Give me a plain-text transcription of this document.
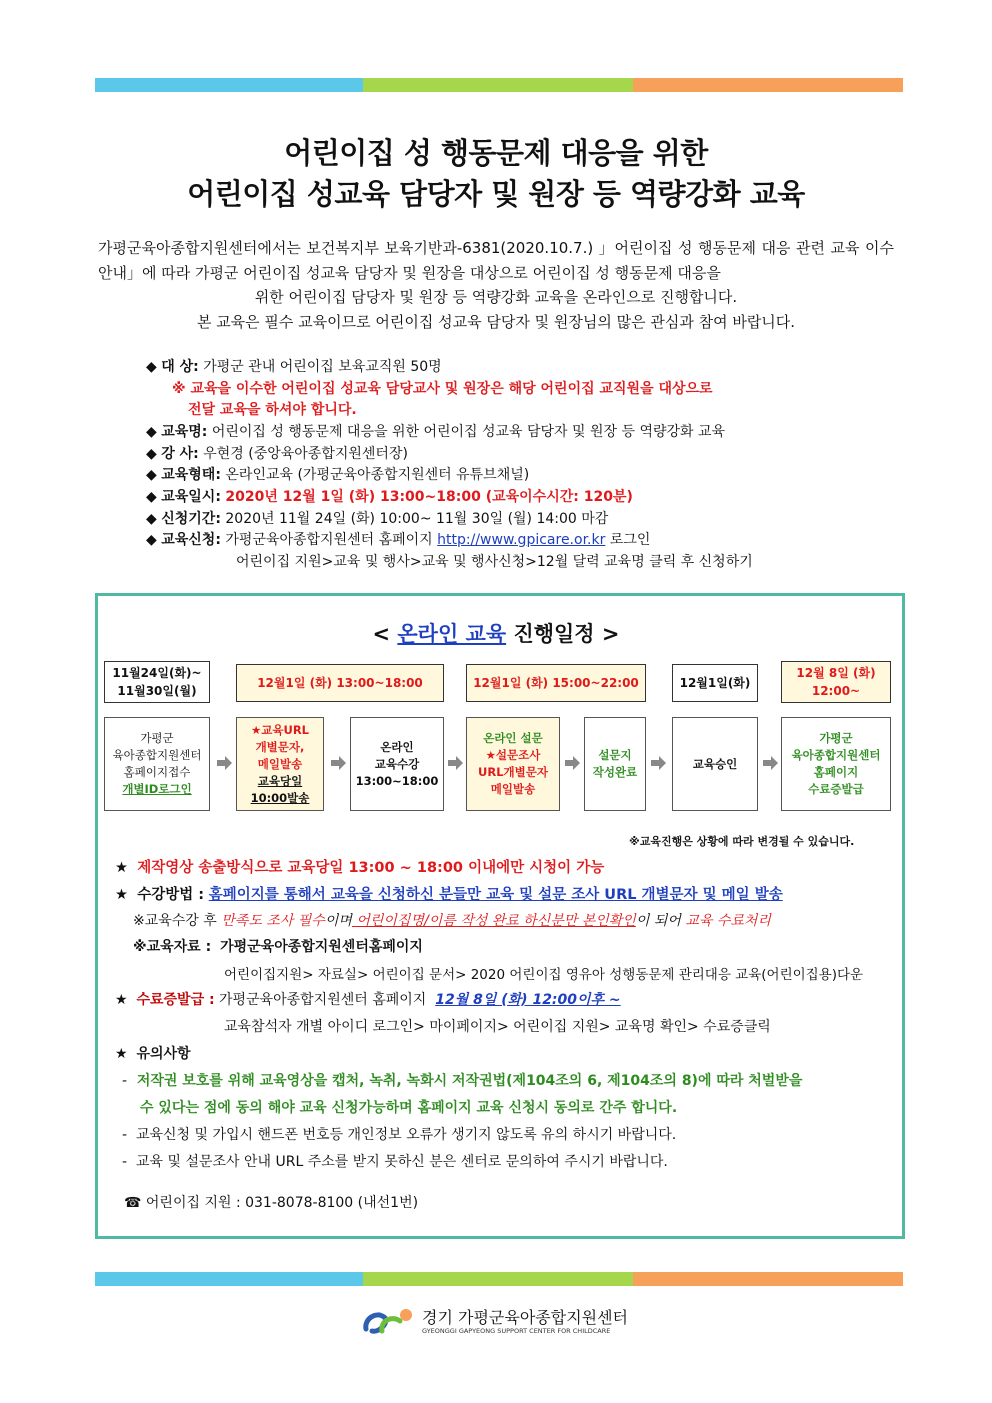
어린이집 성 행동문제 대응을 위한
어린이집 성교육 담당자 및 원장 등 역량강화 교육
가평군육아종합지원센터에서는 보건복지부 보육기반과-6381(2020.10.7.) 」어린이집 성 행동문제 대응 관련 교육 이수 안내」에 따라 가평군 어린이집 성교육 담당자 및 원장을 대상으로 어린이집 성 행동문제 대응을
위한 어린이집 담당자 및 원장 등 역량강화 교육을 온라인으로 진행합니다.
본 교육은 필수 교육이므로 어린이집 성교육 담당자 및 원장님의 많은 관심과 참여 바랍니다.
◆ 대 상: 가평군 관내 어린이집 보육교직원 50명
※ 교육을 이수한 어린이집 성교육 담당교사 및 원장은 해당 어린이집 교직원을 대상으로
전달 교육을 하셔야 합니다.
◆ 교육명: 어린이집 성 행동문제 대응을 위한 어린이집 성교육 담당자 및 원장 등 역량강화 교육
◆ 강 사: 우현경 (중앙육아종합지원센터장)
◆ 교육형태: 온라인교육 (가평군육아종합지원센터 유튜브채널)
◆ 교육일시: 2020년 12월 1일 (화) 13:00~18:00 (교육이수시간: 120분)
◆ 신청기간: 2020년 11월 24일 (화) 10:00~ 11월 30일 (월) 14:00 마감
◆ 교육신청: 가평군육아종합지원센터 홈페이지 http://www.gpicare.or.kr 로그인
어린이집 지원>교육 및 행사>교육 및 행사신청>12월 달력 교육명 클릭 후 신청하기
< 온라인 교육 진행일정 >
11월24일(화)~
11월30일(월)
12월1일 (화) 13:00~18:00	12월1일 (화) 15:00~22:00	12월1일(화)
12월 8일 (화)
12:00~
가평군
육아종합지원센터
홈페이지접수
개별ID로그인
★교육URL
개별문자,
메일발송
교육당일
10:00발송
온라인
교육수강
13:00~18:00
온라인 설문
★설문조사
URL개별문자
메일발송
설문지
작성완료
교육승인
가평군
육아종합지원센터
홈페이지
수료증발급
※교육진행은 상황에 따라 변경될 수 있습니다.
★ 제작영상 송출방식으로 교육당일 13:00 ~ 18:00 이내에만 시청이 가능
★ 수강방법 : 홈페이지를 통해서 교육을 신청하신 분들만 교육 및 설문 조사 URL 개별문자 및 메일 발송
※교육수강 후 만족도 조사 필수이며 어린이집명/이름 작성 완료 하신분만 본인확인이 되어 교육 수료처리
※교육자료 : 가평군육아종합지원센터홈페이지
어린이집지원> 자료실> 어린이집 문서> 2020 어린이집 영유아 성행동문제 관리대응 교육(어린이집용)다운
★ 수료증발급 : 가평군육아종합지원센터 홈페이지 12월 8일 (화) 12:00이후 ~
교육참석자 개별 아이디 로그인> 마이페이지> 어린이집 지원> 교육명 확인> 수료증클릭
★ 유의사항
- 저작권 보호를 위해 교육영상을 캡처, 녹취, 녹화시 저작권법(제104조의 6, 제104조의 8)에 따라 처벌받을
수 있다는 점에 동의 해야 교육 신청가능하며 홈페이지 교육 신청시 동의로 간주 합니다.
- 교육신청 및 가입시 핸드폰 번호등 개인정보 오류가 생기지 않도록 유의 하시기 바랍니다.
- 교육 및 설문조사 안내 URL 주소를 받지 못하신 분은 센터로 문의하여 주시기 바랍니다.
☎ 어린이집 지원 : 031-8078-8100 (내선1번)
경기 가평군육아종합지원센터
GYEONGGI GAPYEONG SUPPORT CENTER FOR CHILDCARE
